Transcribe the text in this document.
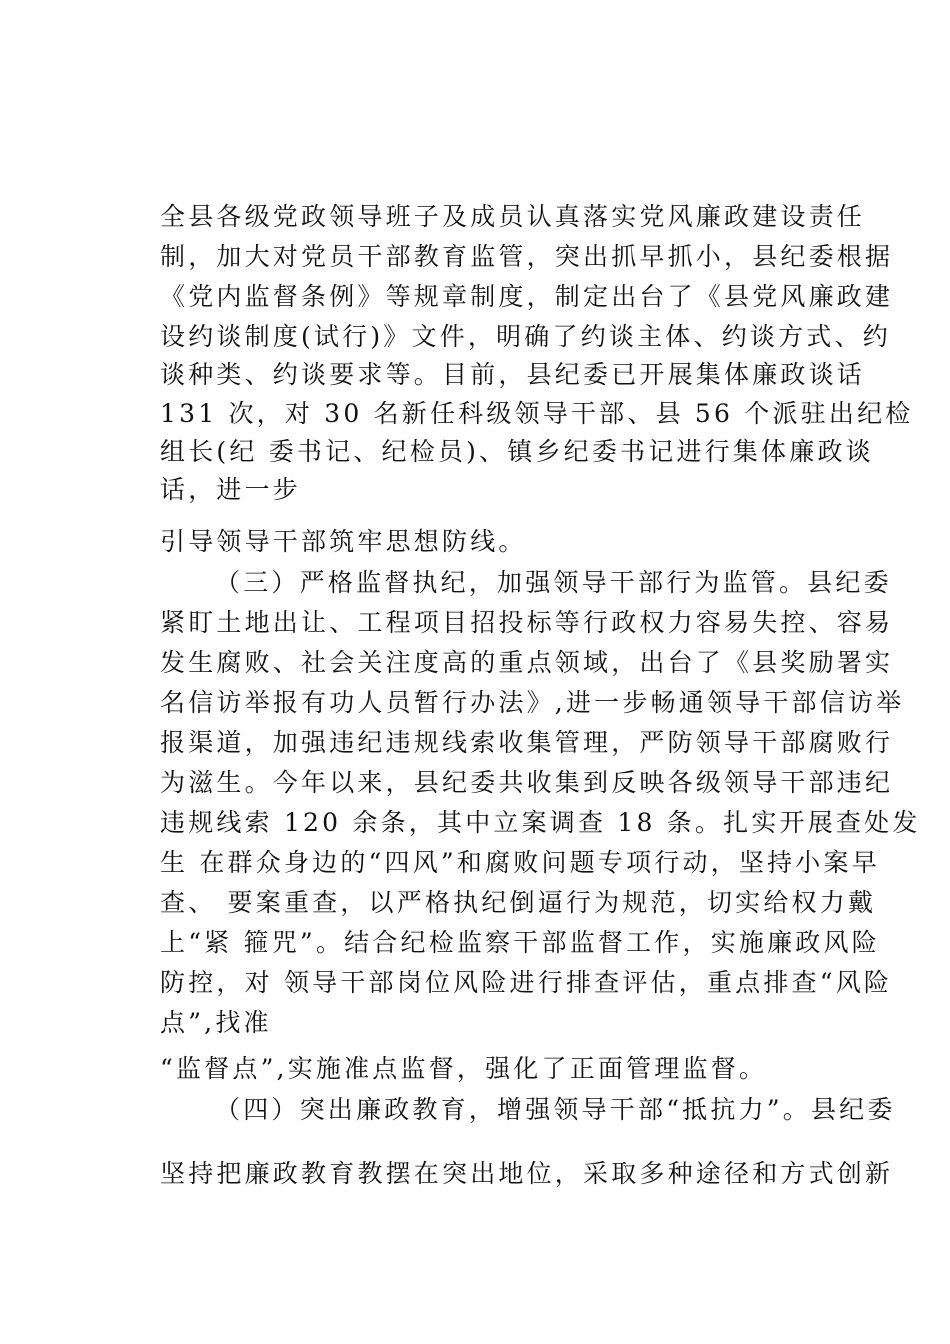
全县各级党政领导班子及成员认真落实党风廉政建设责任
制，加大对党员干部教育监管，突出抓早抓小，县纪委根据
《党内监督条例》等规章制度，制定出台了《县党风廉政建
设约谈制度(试行)》文件，明确了约谈主体、约谈方式、约
谈种类、约谈要求等。目前，县纪委已开展集体廉政谈话
131 次，对 30 名新任科级领导干部、县 56 个派驻出纪检
组长(纪 委书记、纪检员)、镇乡纪委书记进行集体廉政谈
话，进一步
引导领导干部筑牢思想防线。
（三）严格监督执纪，加强领导干部行为监管。县纪委
紧盯土地出让、工程项目招投标等行政权力容易失控、容易
发生腐败、社会关注度高的重点领域，出台了《县奖励署实
名信访举报有功人员暂行办法》,进一步畅通领导干部信访举
报渠道，加强违纪违规线索收集管理，严防领导干部腐败行
为滋生。今年以来，县纪委共收集到反映各级领导干部违纪
违规线索 120 余条，其中立案调查 18 条。扎实开展查处发
生 在群众身边的“四风”和腐败问题专项行动，坚持小案早
查、 要案重查，以严格执纪倒逼行为规范，切实给权力戴
上“紧 箍咒”。结合纪检监察干部监督工作，实施廉政风险
防控，对 领导干部岗位风险进行排查评估，重点排查“风险
点”,找准
“监督点”,实施准点监督，强化了正面管理监督。
（四）突出廉政教育，增强领导干部“抵抗力”。县纪委
坚持把廉政教育教摆在突出地位，采取多种途径和方式创新
